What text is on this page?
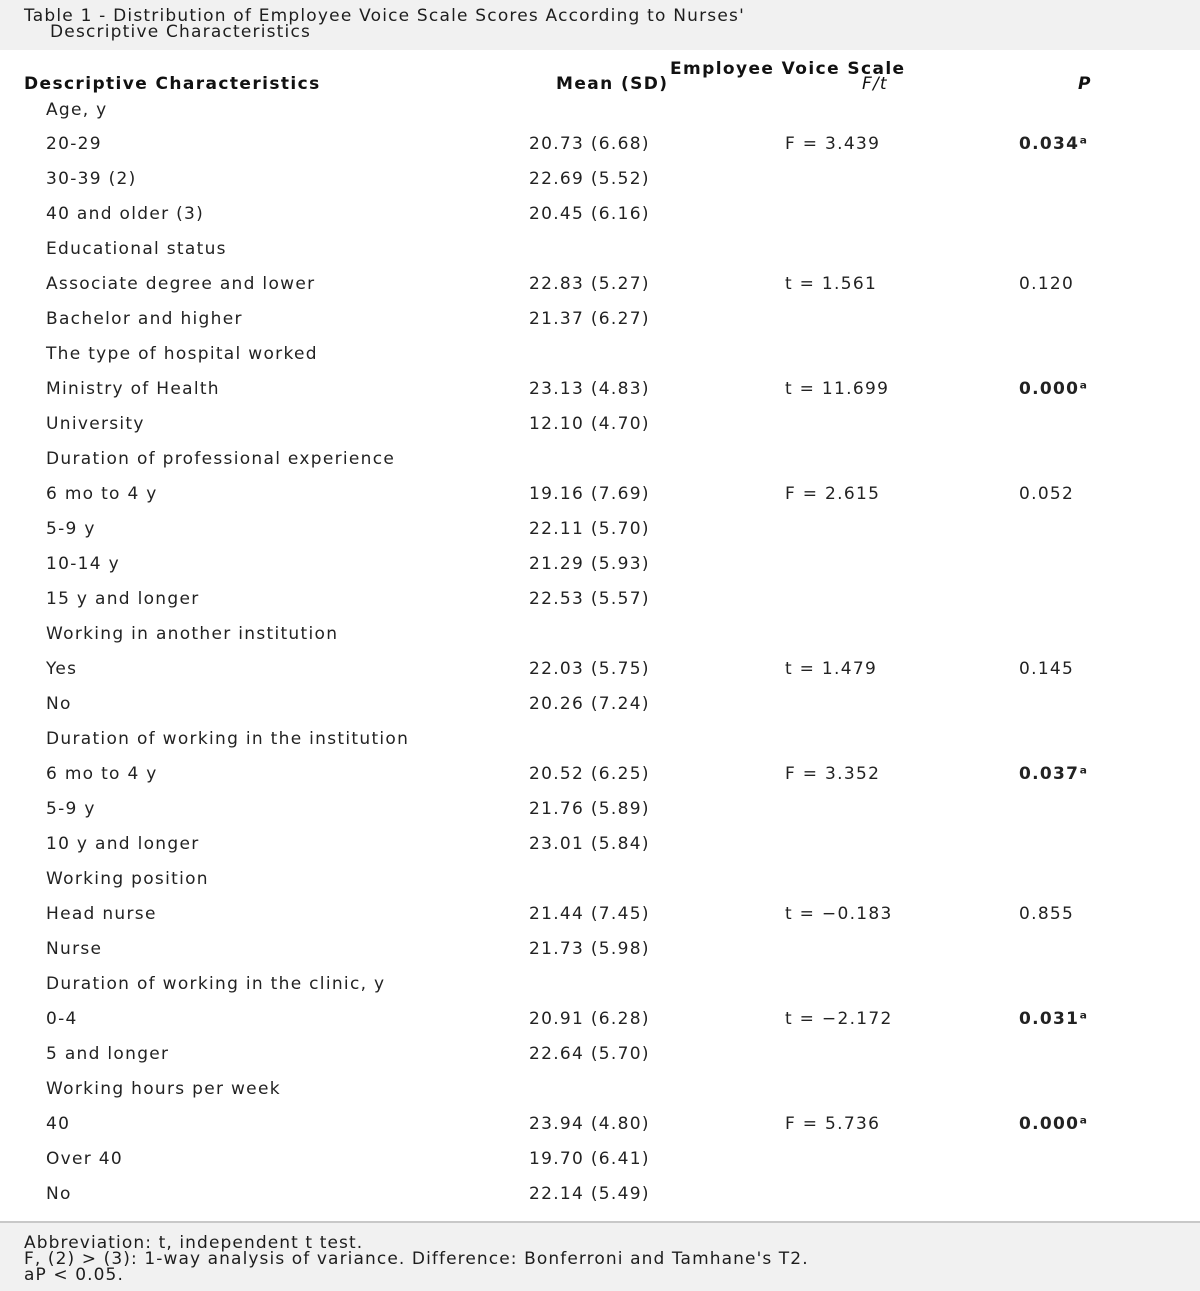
Table 1 - Distribution of Employee Voice Scale Scores According to Nurses'
Descriptive Characteristics
Descriptive Characteristics
Employee Voice Scale
Mean (SD)	F/t	P
Age, y
20-29	20.73 (6.68)	F = 3.439	0.034ᵃ
30-39 (2)	22.69 (5.52)
40 and older (3)	20.45 (6.16)
Educational status
Associate degree and lower	22.83 (5.27)	t = 1.561	0.120
Bachelor and higher	21.37 (6.27)
The type of hospital worked
Ministry of Health	23.13 (4.83)	t = 11.699	0.000ᵃ
University	12.10 (4.70)
Duration of professional experience
6 mo to 4 y	19.16 (7.69)	F = 2.615	0.052
5-9 y	22.11 (5.70)
10-14 y	21.29 (5.93)
15 y and longer	22.53 (5.57)
Working in another institution
Yes	22.03 (5.75)	t = 1.479	0.145
No	20.26 (7.24)
Duration of working in the institution
6 mo to 4 y	20.52 (6.25)	F = 3.352	0.037ᵃ
5-9 y	21.76 (5.89)
10 y and longer	23.01 (5.84)
Working position
Head nurse	21.44 (7.45)	t = −0.183	0.855
Nurse	21.73 (5.98)
Duration of working in the clinic, y
0-4	20.91 (6.28)	t = −2.172	0.031ᵃ
5 and longer	22.64 (5.70)
Working hours per week
40	23.94 (4.80)	F = 5.736	0.000ᵃ
Over 40	19.70 (6.41)
No	22.14 (5.49)
Abbreviation: t, independent t test.
F, (2) > (3): 1-way analysis of variance. Difference: Bonferroni and Tamhane's T2.
aP < 0.05.
